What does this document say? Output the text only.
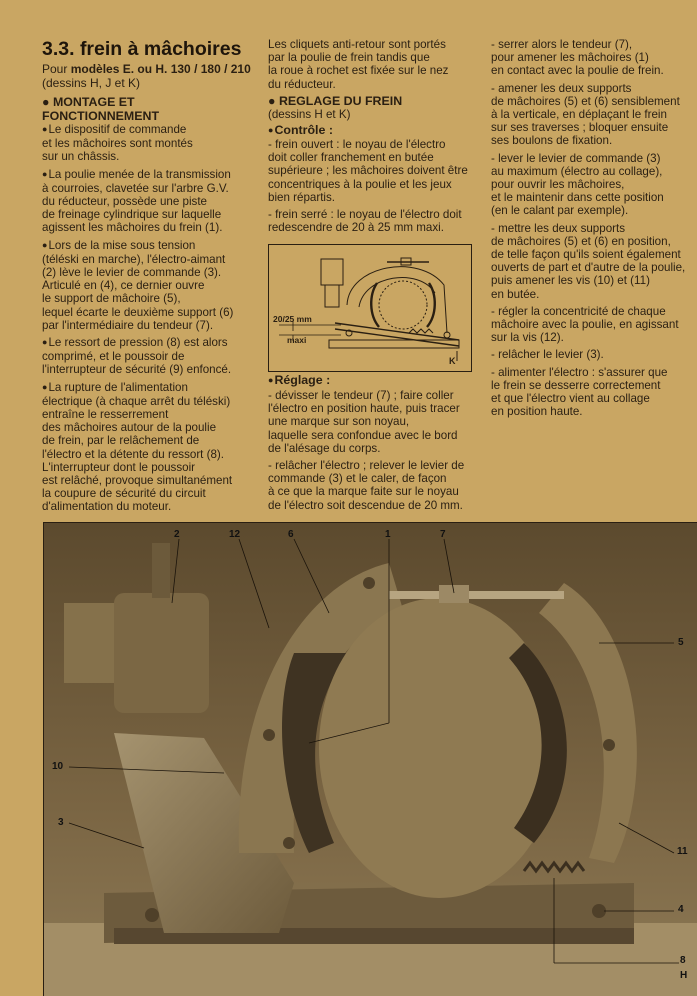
3.3. frein à mâchoires
Pour modèles E. ou H. 130 / 180 / 210 (dessins H, J et K)
● MONTAGE ET
FONCTIONNEMENT

● Le dispositif de commande
et les mâchoires sont montés
sur un châssis.

● La poulie menée de la transmission
à courroies, clavetée sur l'arbre G.V.
du réducteur, possède une piste
de freinage cylindrique sur laquelle
agissent les mâchoires du frein (1).

● Lors de la mise sous tension
(téléski en marche), l'électro-aimant
(2) lève le levier de commande (3).
Articulé en (4), ce dernier ouvre
le support de mâchoire (5),
lequel écarte le deuxième support (6)
par l'intermédiaire du tendeur (7).

● Le ressort de pression (8) est alors
comprimé, et le poussoir de
l'interrupteur de sécurité (9) enfoncé.

● La rupture de l'alimentation
électrique (à chaque arrêt du téléski)
entraîne le resserrement
des mâchoires autour de la poulie
de frein, par le relâchement de
l'électro et la détente du ressort (8).
L'interrupteur dont le poussoir
est relâché, provoque simultanément
la coupure de sécurité du circuit
d'alimentation du moteur.

Les cliquets anti-retour sont portés
par la poulie de frein tandis que
la roue à rochet est fixée sur le nez
du réducteur.

● REGLAGE DU FREIN
(dessins H et K)
● Contrôle :

- frein ouvert : le noyau de l'électro
doit coller franchement en butée
supérieure ; les mâchoires doivent être
concentriques à la poulie et les jeux
bien répartis.

- frein serré : le noyau de l'électro doit
redescendre de 20 à 25 mm maxi.

● Réglage :

- dévisser le tendeur (7) ; faire coller
l'électro en position haute, puis tracer
une marque sur son noyau,
laquelle sera confondue avec le bord
de l'alésage du corps.

- relâcher l'électro ; relever le levier de
commande (3) et le caler, de façon
à ce que la marque faite sur le noyau
de l'électro soit descendue de 20 mm.

20/25 mm
maxi
K

- serrer alors le tendeur (7),
pour amener les mâchoires (1)
en contact avec la poulie de frein.

- amener les deux supports
de mâchoires (5) et (6) sensiblement
à la verticale, en déplaçant le frein
sur ses traverses ; bloquer ensuite
ses boulons de fixation.

- lever le levier de commande (3)
au maximum (électro au collage),
pour ouvrir les mâchoires,
et le maintenir dans cette position
(en le calant par exemple).

- mettre les deux supports
de mâchoires (5) et (6) en position,
de telle façon qu'ils soient également
ouverts de part et d'autre de la poulie,
puis amener les vis (10) et (11)
en butée.

- régler la concentricité de chaque
mâchoire avec la poulie, en agissant
sur la vis (12).

- relâcher le levier (3).

- alimenter l'électro : s'assurer que
le frein se desserre correctement
et que l'électro vient au collage
en position haute.

2	12	6	1	7
5
10
3
11
4
8
H
